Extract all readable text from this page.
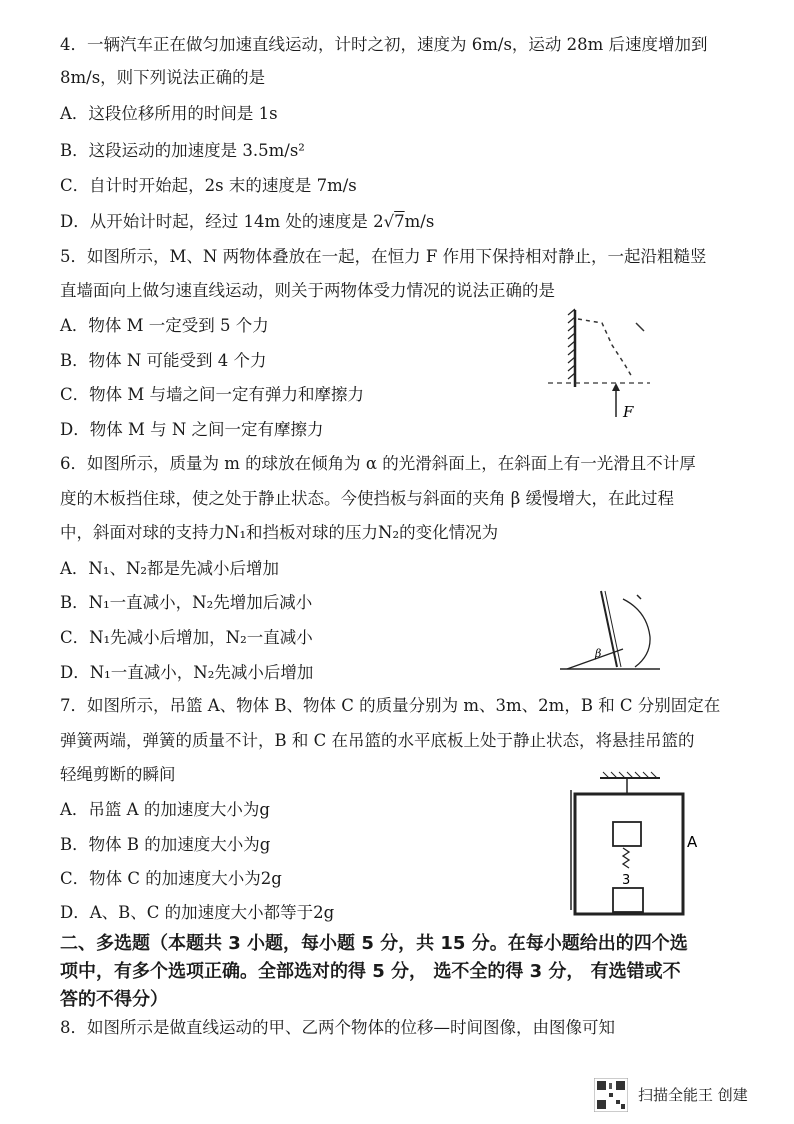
4．一辆汽车正在做匀加速直线运动，计时之初，速度为 6m/s，运动 28m 后速度增加到
8m/s，则下列说法正确的是
A．这段位移所用的时间是 1s
B．这段运动的加速度是 3.5m/s²
C．自计时开始起，2s 末的速度是 7m/s
D．从开始计时起，经过 14m 处的速度是 2√7m/s
5．如图所示，M、N 两物体叠放在一起，在恒力 F 作用下保持相对静止，一起沿粗糙竖
直墙面向上做匀速直线运动，则关于两物体受力情况的说法正确的是
A．物体 M 一定受到 5 个力
B．物体 N 可能受到 4 个力
C．物体 M 与墙之间一定有弹力和摩擦力
D．物体 M 与 N 之间一定有摩擦力
F
6．如图所示，质量为 m 的球放在倾角为 α 的光滑斜面上，在斜面上有一光滑且不计厚
度的木板挡住球，使之处于静止状态。今使挡板与斜面的夹角 β 缓慢增大，在此过程
中，斜面对球的支持力N₁和挡板对球的压力N₂的变化情况为
A．N₁、N₂都是先减小后增加
B．N₁一直减小，N₂先增加后减小
C．N₁先减小后增加，N₂一直减小
D．N₁一直减小，N₂先减小后增加
β
7．如图所示，吊篮 A、物体 B、物体 C 的质量分别为 m、3m、2m，B 和 C 分别固定在
弹簧两端，弹簧的质量不计，B 和 C 在吊篮的水平底板上处于静止状态，将悬挂吊篮的
轻绳剪断的瞬间
A．吊篮 A 的加速度大小为g
B．物体 B 的加速度大小为g
C．物体 C 的加速度大小为2g
D．A、B、C 的加速度大小都等于2g
3
A
二、多选题（本题共 3 小题，每小题 5 分，共 15 分。在每小题给出的四个选
项中，有多个选项正确。全部选对的得 5 分， 选不全的得 3 分， 有选错或不
答的不得分）
8．如图所示是做直线运动的甲、乙两个物体的位移—时间图像，由图像可知
扫描全能王 创建
